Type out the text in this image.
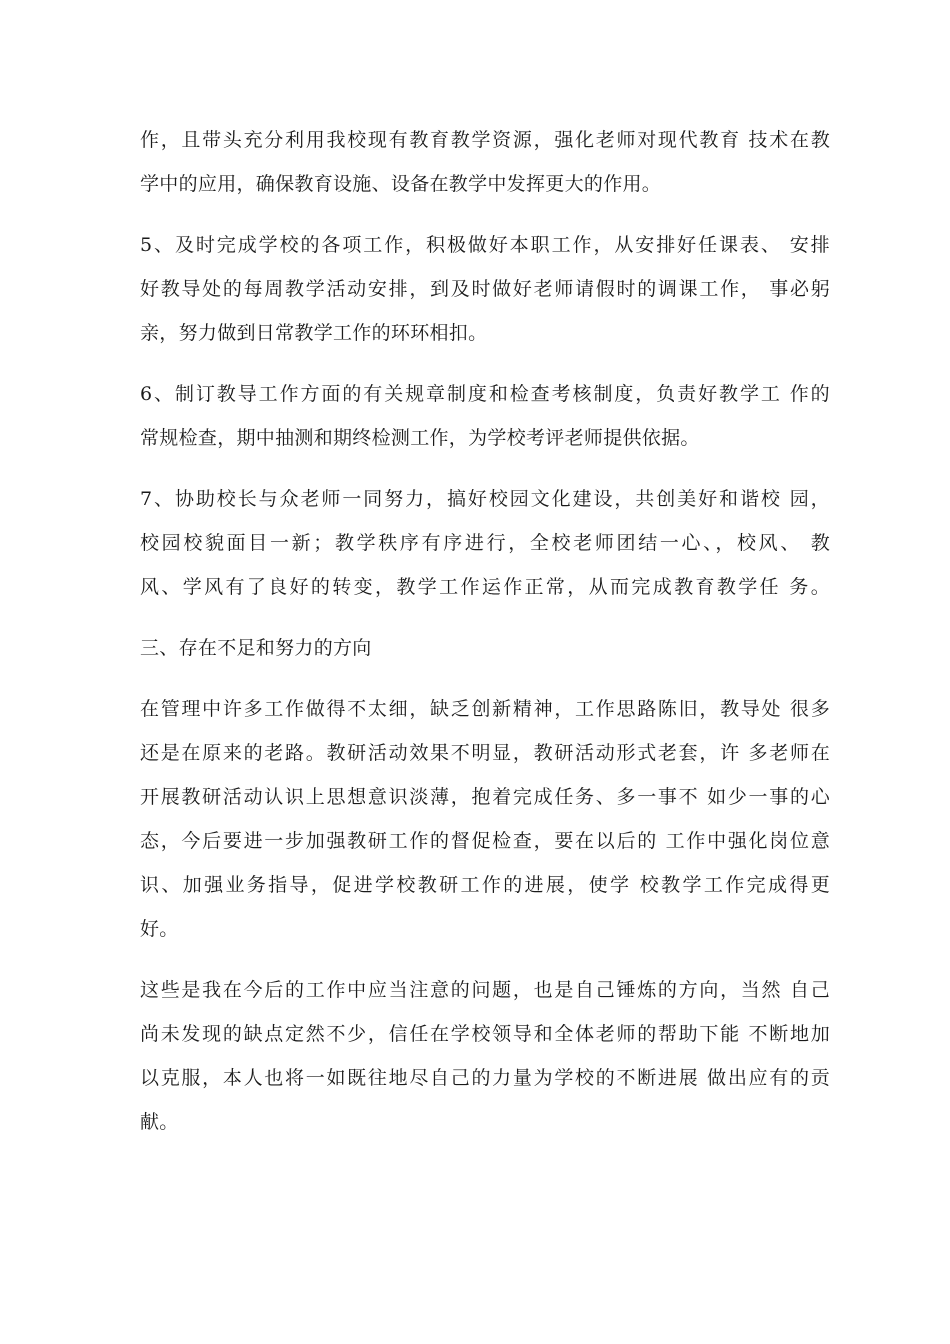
作，且带头充分利用我校现有教育教学资源，强化老师对现代教育 技术在教
学中的应用，确保教育设施、设备在教学中发挥更大的作用。
5、及时完成学校的各项工作，积极做好本职工作，从安排好任课表、 安排
好教导处的每周教学活动安排，到及时做好老师请假时的调课工作， 事必躬
亲，努力做到日常教学工作的环环相扣。
6、制订教导工作方面的有关规章制度和检查考核制度，负责好教学工 作的
常规检查，期中抽测和期终检测工作，为学校考评老师提供依据。
7、协助校长与众老师一同努力，搞好校园文化建设，共创美好和谐校 园，
校园校貌面目一新；教学秩序有序进行，全校老师团结一心、，校风、 教
风、学风有了良好的转变，教学工作运作正常，从而完成教育教学任 务。
三、存在不足和努力的方向
在管理中许多工作做得不太细，缺乏创新精神，工作思路陈旧，教导处 很多
还是在原来的老路。教研活动效果不明显，教研活动形式老套，许 多老师在
开展教研活动认识上思想意识淡薄，抱着完成任务、多一事不 如少一事的心
态，今后要进一步加强教研工作的督促检查，要在以后的 工作中强化岗位意
识、加强业务指导，促进学校教研工作的进展，使学 校教学工作完成得更
好。
这些是我在今后的工作中应当注意的问题，也是自己锤炼的方向，当然 自己
尚未发现的缺点定然不少，信任在学校领导和全体老师的帮助下能 不断地加
以克服，本人也将一如既往地尽自己的力量为学校的不断进展 做出应有的贡
献。
